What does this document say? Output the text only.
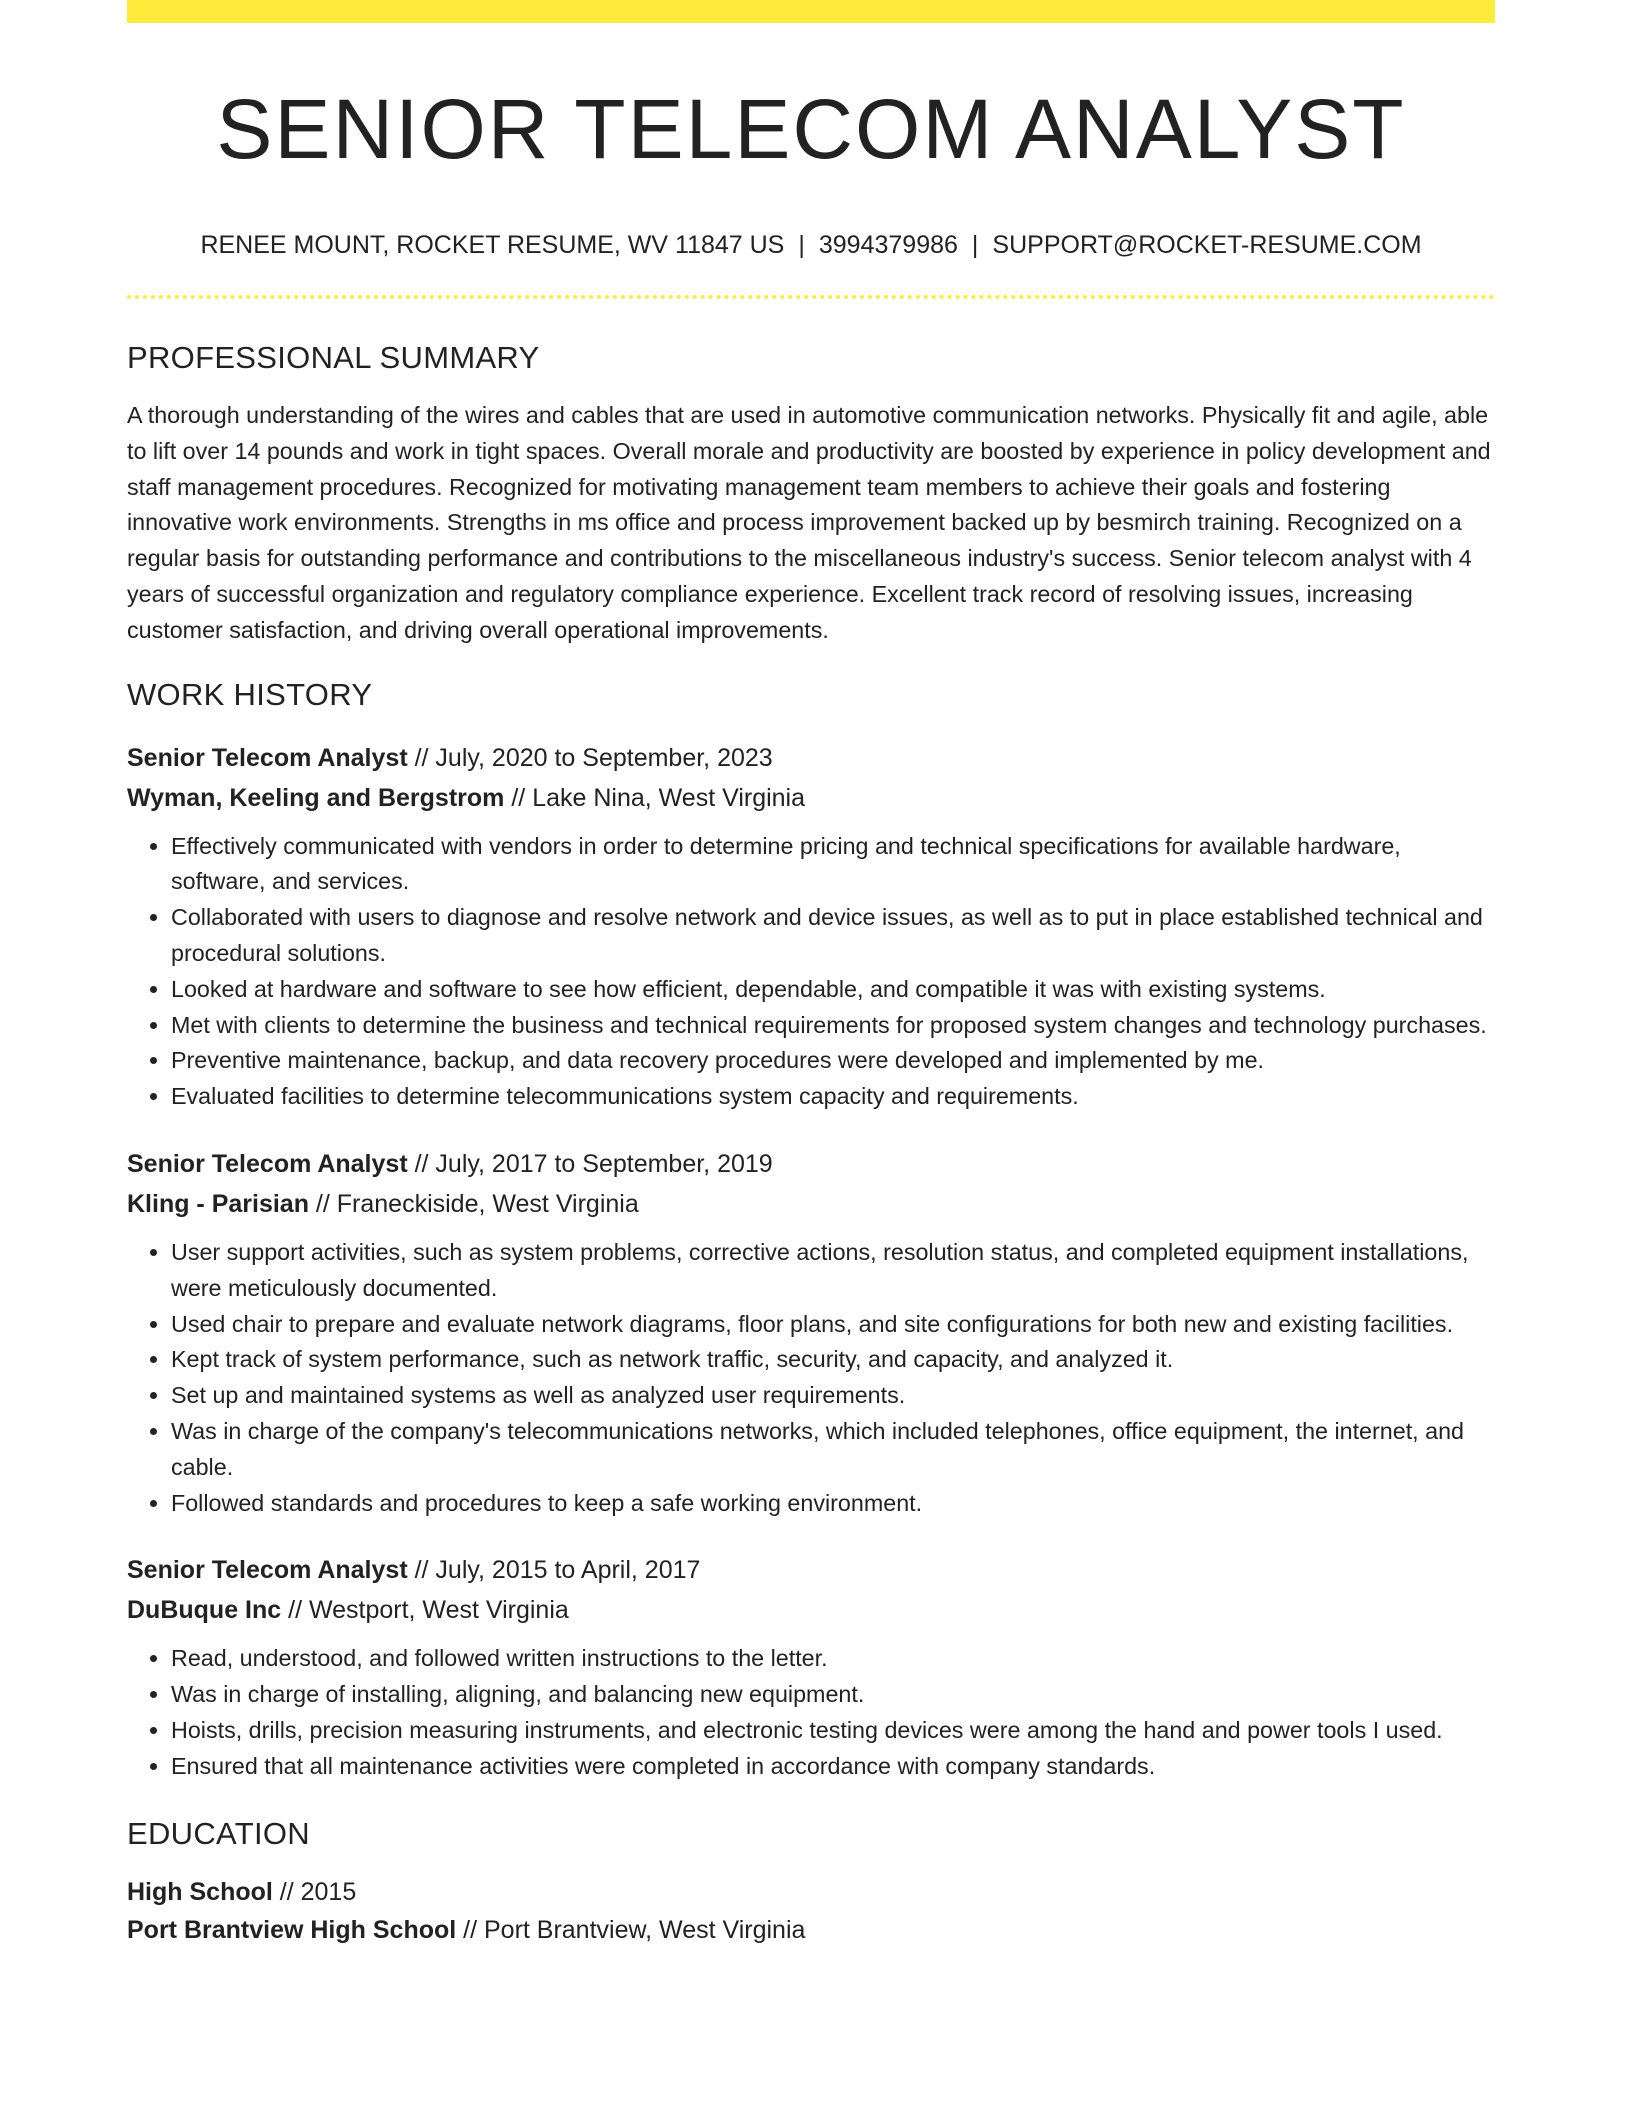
SENIOR TELECOM ANALYST
RENEE MOUNT, ROCKET RESUME, WV 11847 US | 3994379986 | SUPPORT@ROCKET-RESUME.COM
PROFESSIONAL SUMMARY
A thorough understanding of the wires and cables that are used in automotive communication networks. Physically fit and agile, able to lift over 14 pounds and work in tight spaces. Overall morale and productivity are boosted by experience in policy development and staff management procedures. Recognized for motivating management team members to achieve their goals and fostering innovative work environments. Strengths in ms office and process improvement backed up by besmirch training. Recognized on a regular basis for outstanding performance and contributions to the miscellaneous industry's success. Senior telecom analyst with 4 years of successful organization and regulatory compliance experience. Excellent track record of resolving issues, increasing customer satisfaction, and driving overall operational improvements.
WORK HISTORY
Senior Telecom Analyst // July, 2020 to September, 2023
Wyman, Keeling and Bergstrom // Lake Nina, West Virginia
• Effectively communicated with vendors in order to determine pricing and technical specifications for available hardware, software, and services.
• Collaborated with users to diagnose and resolve network and device issues, as well as to put in place established technical and procedural solutions.
• Looked at hardware and software to see how efficient, dependable, and compatible it was with existing systems.
• Met with clients to determine the business and technical requirements for proposed system changes and technology purchases.
• Preventive maintenance, backup, and data recovery procedures were developed and implemented by me.
• Evaluated facilities to determine telecommunications system capacity and requirements.
Senior Telecom Analyst // July, 2017 to September, 2019
Kling - Parisian // Franeckiside, West Virginia
• User support activities, such as system problems, corrective actions, resolution status, and completed equipment installations, were meticulously documented.
• Used chair to prepare and evaluate network diagrams, floor plans, and site configurations for both new and existing facilities.
• Kept track of system performance, such as network traffic, security, and capacity, and analyzed it.
• Set up and maintained systems as well as analyzed user requirements.
• Was in charge of the company's telecommunications networks, which included telephones, office equipment, the internet, and cable.
• Followed standards and procedures to keep a safe working environment.
Senior Telecom Analyst // July, 2015 to April, 2017
DuBuque Inc // Westport, West Virginia
• Read, understood, and followed written instructions to the letter.
• Was in charge of installing, aligning, and balancing new equipment.
• Hoists, drills, precision measuring instruments, and electronic testing devices were among the hand and power tools I used.
• Ensured that all maintenance activities were completed in accordance with company standards.
EDUCATION
High School // 2015
Port Brantview High School // Port Brantview, West Virginia
